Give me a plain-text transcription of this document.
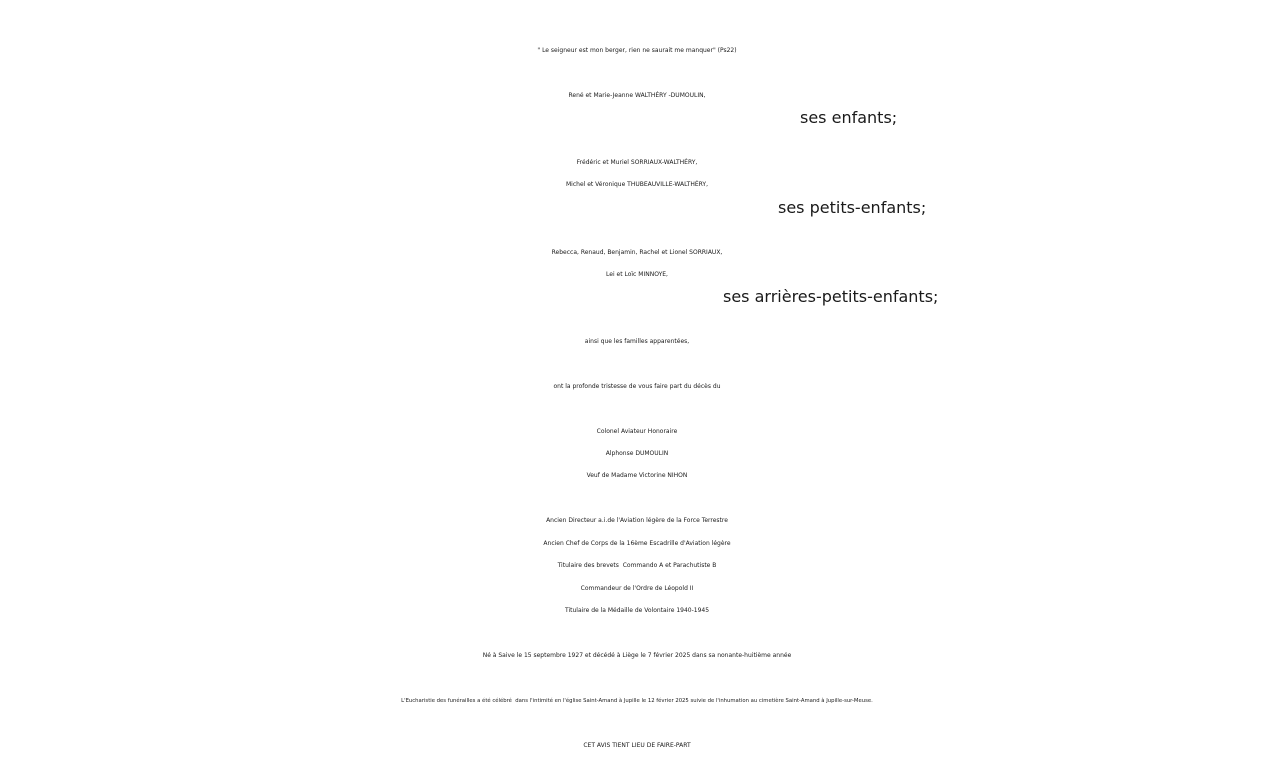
" Le seigneur est mon berger, rien ne saurait me manquer" (Ps22)
René et Marie-Jeanne WALTHÉRY -DUMOULIN,
ses enfants;
Frédéric et Muriel SORRIAUX-WALTHÉRY,
Michel et Véronique THUBEAUVILLE-WALTHÉRY,
ses petits-enfants;
Rebecca, Renaud, Benjamin, Rachel et Lionel SORRIAUX,
Lei et Loïc MINNOYE,
ses arrières-petits-enfants;
ainsi que les familles apparentées,
ont la profonde tristesse de vous faire part du décès du
Colonel Aviateur Honoraire
Alphonse DUMOULIN
Veuf de Madame Victorine NIHON
Ancien Directeur a.i.de l'Aviation légère de la Force Terrestre
Ancien Chef de Corps de la 16ème Escadrille d'Aviation légère
Titulaire des brevets  Commando A et Parachutiste B
Commandeur de l'Ordre de Léopold II
Titulaire de la Médaille de Volontaire 1940-1945
Né à Saive le 15 septembre 1927 et décédé à Liège le 7 février 2025 dans sa nonante-huitième année
L'Eucharistie des funérailles a été célébré  dans l'intimité en l'église Saint-Amand à Jupille le 12 février 2025 suivie de l'inhumation au cimetière Saint-Amand à Jupille-sur-Meuse.
CET AVIS TIENT LIEU DE FAIRE-PART
